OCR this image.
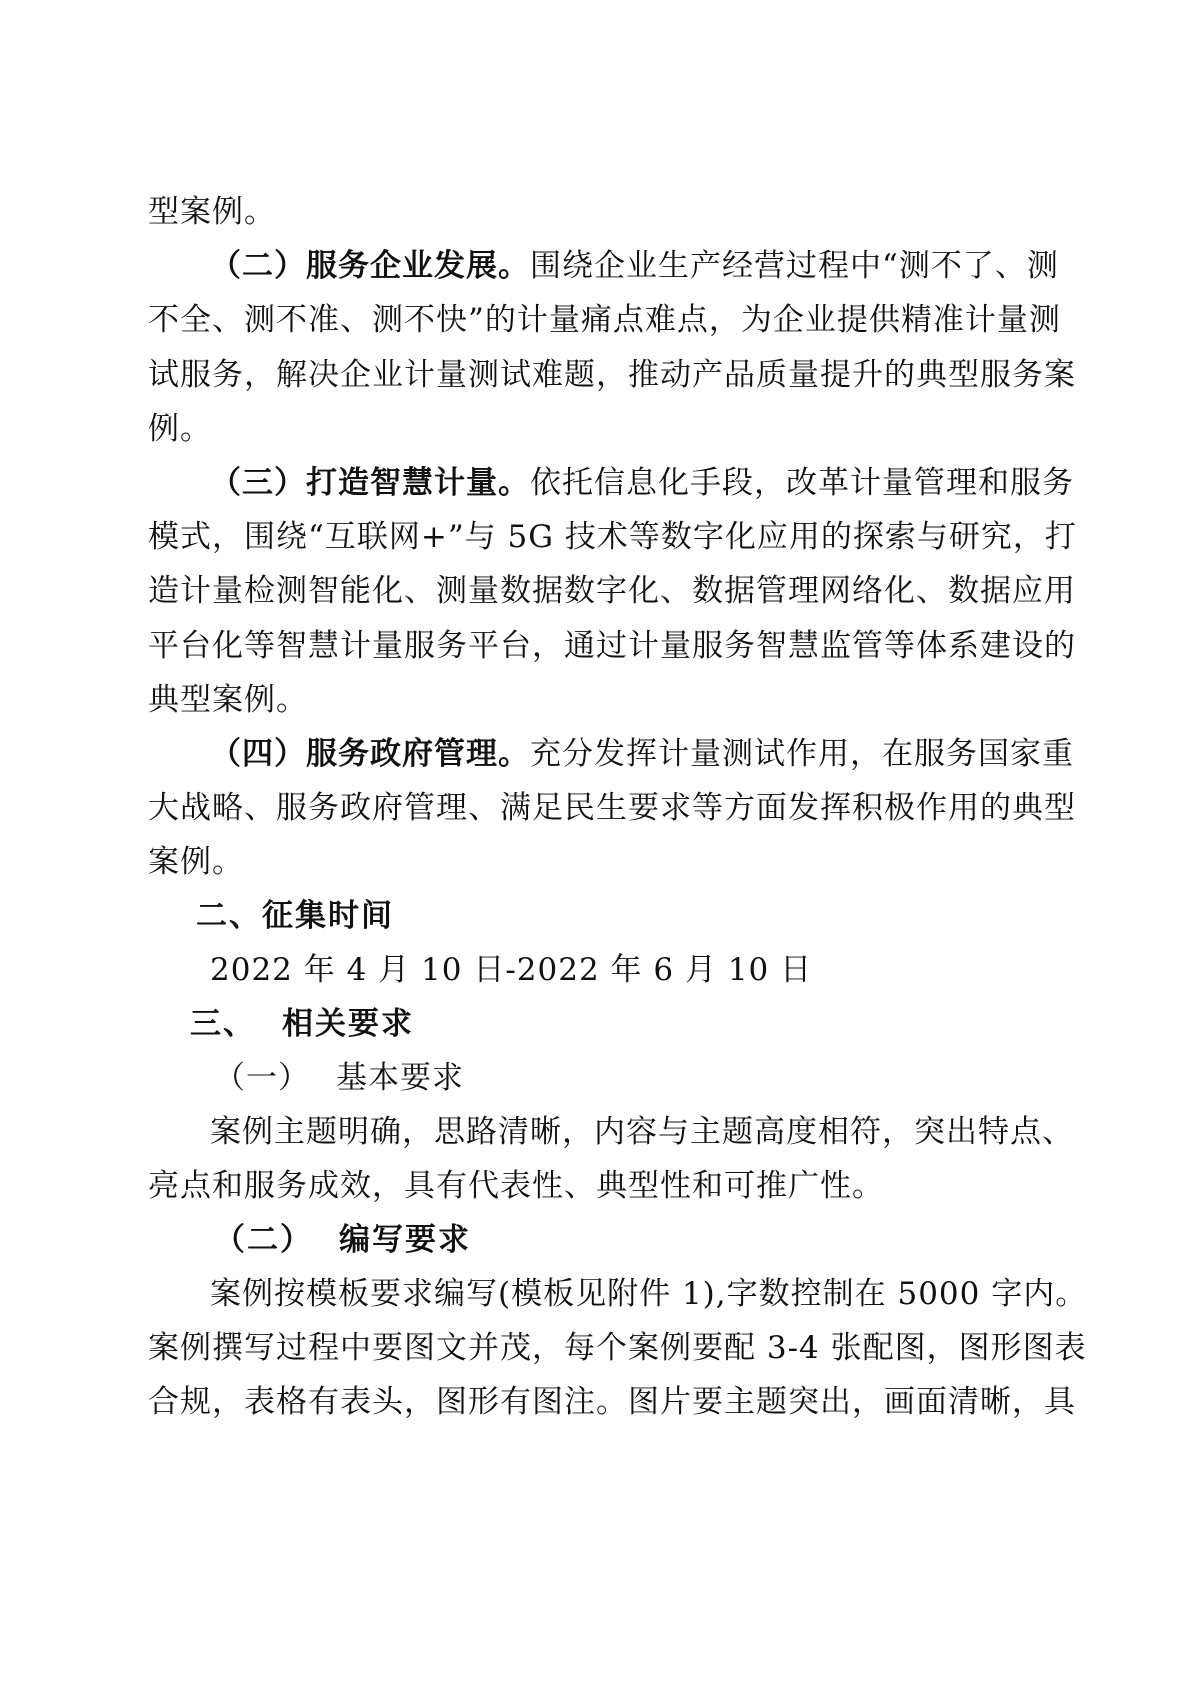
型案例。
（二）服务企业发展。围绕企业生产经营过程中“测不了、测
不全、测不准、测不快”的计量痛点难点，为企业提供精准计量测
试服务，解决企业计量测试难题，推动产品质量提升的典型服务案
例。
（三）打造智慧计量。依托信息化手段，改革计量管理和服务
模式，围绕“互联网+”与 5G 技术等数字化应用的探索与研究，打
造计量检测智能化、测量数据数字化、数据管理网络化、数据应用
平台化等智慧计量服务平台，通过计量服务智慧监管等体系建设的
典型案例。
（四）服务政府管理。充分发挥计量测试作用，在服务国家重
大战略、服务政府管理、满足民生要求等方面发挥积极作用的典型
案例。
二、征集时间
2022 年 4 月 10 日-2022 年 6 月 10 日
三、 相关要求
（一） 基本要求
案例主题明确，思路清晰，内容与主题高度相符，突出特点、
亮点和服务成效，具有代表性、典型性和可推广性。
（二） 编写要求
案例按模板要求编写(模板见附件 1),字数控制在 5000 字内。
案例撰写过程中要图文并茂，每个案例要配 3-4 张配图，图形图表
合规，表格有表头，图形有图注。图片要主题突出，画面清晰，具
